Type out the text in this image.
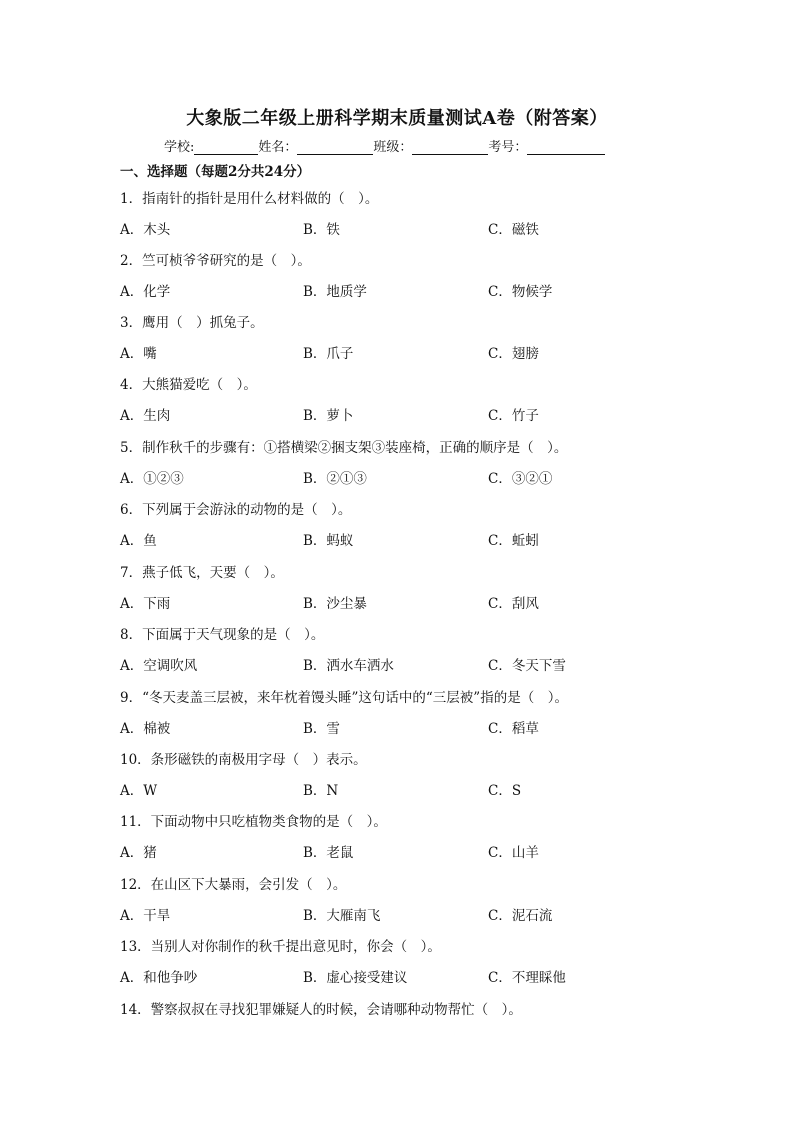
大象版二年级上册科学期末质量测试A卷（附答案）
学校:	姓名：	班级：	考号：
一、选择题（每题2分共24分）
1．指南针的指针是用什么材料做的（　）。
A．木头	B．铁	C．磁铁
2．竺可桢爷爷研究的是（　）。
A．化学	B．地质学	C．物候学
3．鹰用（　）抓兔子。
A．嘴	B．爪子	C．翅膀
4．大熊猫爱吃（　）。
A．生肉	B．萝卜	C．竹子
5．制作秋千的步骤有：①搭横梁②捆支架③装座椅，正确的顺序是（　）。
A．①②③	B．②①③	C．③②①
6．下列属于会游泳的动物的是（　）。
A．鱼	B．蚂蚁	C．蚯蚓
7．燕子低飞，天要（　）。
A．下雨	B．沙尘暴	C．刮风
8．下面属于天气现象的是（　）。
A．空调吹风	B．洒水车洒水	C．冬天下雪
9．“冬天麦盖三层被，来年枕着馒头睡”这句话中的“三层被”指的是（　）。
A．棉被	B．雪	C．稻草
10．条形磁铁的南极用字母（　）表示。
A．W	B．N	C．S
11．下面动物中只吃植物类食物的是（　）。
A．猪	B．老鼠	C．山羊
12．在山区下大暴雨，会引发（　）。
A．干旱	B．大雁南飞	C．泥石流
13．当别人对你制作的秋千提出意见时，你会（　）。
A．和他争吵	B．虚心接受建议	C．不理睬他
14．警察叔叔在寻找犯罪嫌疑人的时候，会请哪种动物帮忙（　）。
